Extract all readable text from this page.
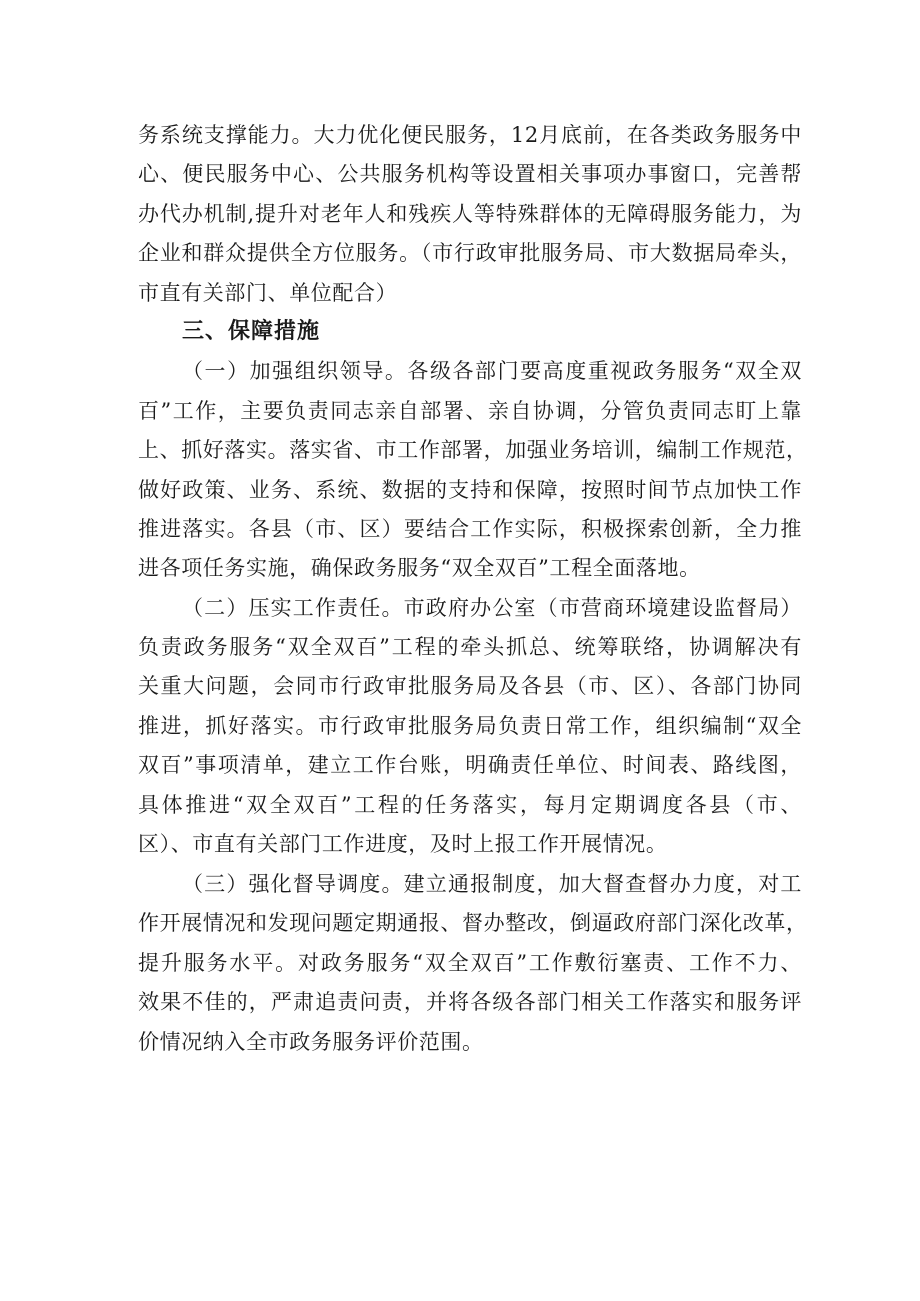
务系统支撑能力。大力优化便民服务，12月底前，在各类政务服务中
心、便民服务中心、公共服务机构等设置相关事项办事窗口，完善帮
办代办机制,提升对老年人和残疾人等特殊群体的无障碍服务能力，为
企业和群众提供全方位服务。（市行政审批服务局、市大数据局牵头，
市直有关部门、单位配合）
三、保障措施
（一）加强组织领导。各级各部门要高度重视政务服务“双全双
百”工作，主要负责同志亲自部署、亲自协调，分管负责同志盯上靠
上、抓好落实。落实省、市工作部署，加强业务培训，编制工作规范，
做好政策、业务、系统、数据的支持和保障，按照时间节点加快工作
推进落实。各县（市、区）要结合工作实际，积极探索创新，全力推
进各项任务实施，确保政务服务“双全双百”工程全面落地。
（二）压实工作责任。市政府办公室（市营商环境建设监督局）
负责政务服务“双全双百”工程的牵头抓总、统筹联络，协调解决有
关重大问题，会同市行政审批服务局及各县（市、区）、各部门协同
推进，抓好落实。市行政审批服务局负责日常工作，组织编制“双全
双百”事项清单，建立工作台账，明确责任单位、时间表、路线图，
具体推进“双全双百”工程的任务落实，每月定期调度各县（市、
区）、市直有关部门工作进度，及时上报工作开展情况。
（三）强化督导调度。建立通报制度，加大督查督办力度，对工
作开展情况和发现问题定期通报、督办整改，倒逼政府部门深化改革，
提升服务水平。对政务服务“双全双百”工作敷衍塞责、工作不力、
效果不佳的，严肃追责问责，并将各级各部门相关工作落实和服务评
价情况纳入全市政务服务评价范围。
